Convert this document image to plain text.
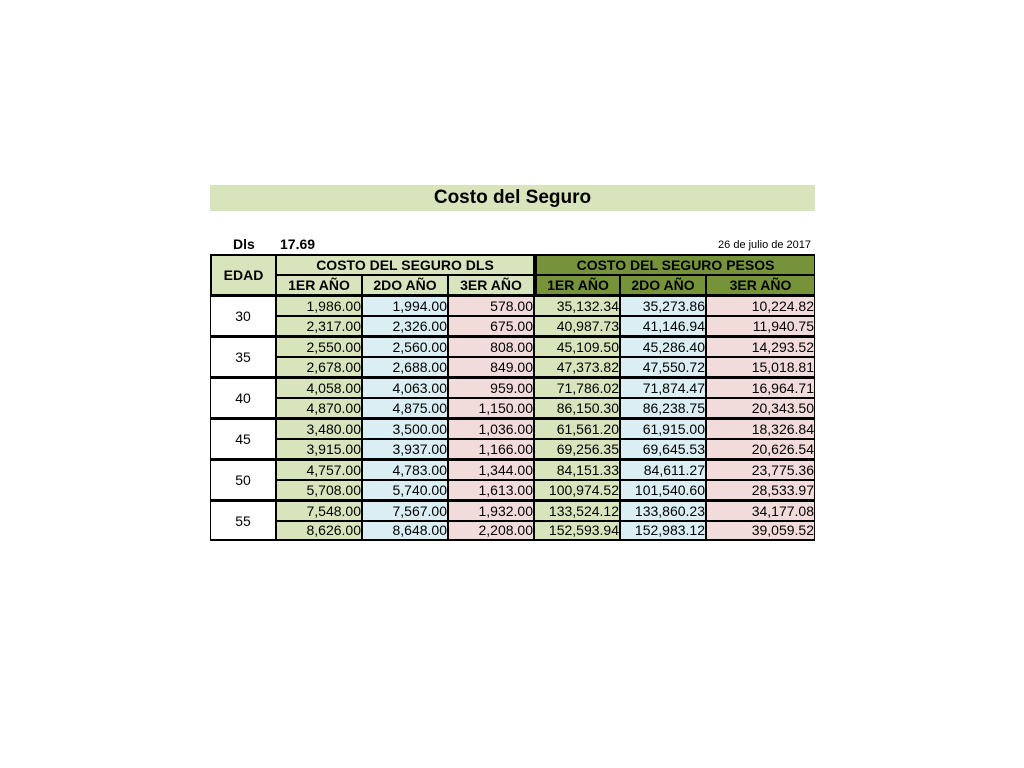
Costo del Seguro
Dls 17.69	26 de julio de 2017
EDAD	COSTO DEL SEGURO DLS			COSTO DEL SEGURO PESOS		
	1ER AÑO	2DO AÑO	3ER AÑO	1ER AÑO	2DO AÑO	3ER AÑO
30	1,986.00	1,994.00	578.00	35,132.34	35,273.86	10,224.82
	2,317.00	2,326.00	675.00	40,987.73	41,146.94	11,940.75
35	2,550.00	2,560.00	808.00	45,109.50	45,286.40	14,293.52
	2,678.00	2,688.00	849.00	47,373.82	47,550.72	15,018.81
40	4,058.00	4,063.00	959.00	71,786.02	71,874.47	16,964.71
	4,870.00	4,875.00	1,150.00	86,150.30	86,238.75	20,343.50
45	3,480.00	3,500.00	1,036.00	61,561.20	61,915.00	18,326.84
	3,915.00	3,937.00	1,166.00	69,256.35	69,645.53	20,626.54
50	4,757.00	4,783.00	1,344.00	84,151.33	84,611.27	23,775.36
	5,708.00	5,740.00	1,613.00	100,974.52	101,540.60	28,533.97
55	7,548.00	7,567.00	1,932.00	133,524.12	133,860.23	34,177.08
	8,626.00	8,648.00	2,208.00	152,593.94	152,983.12	39,059.52
